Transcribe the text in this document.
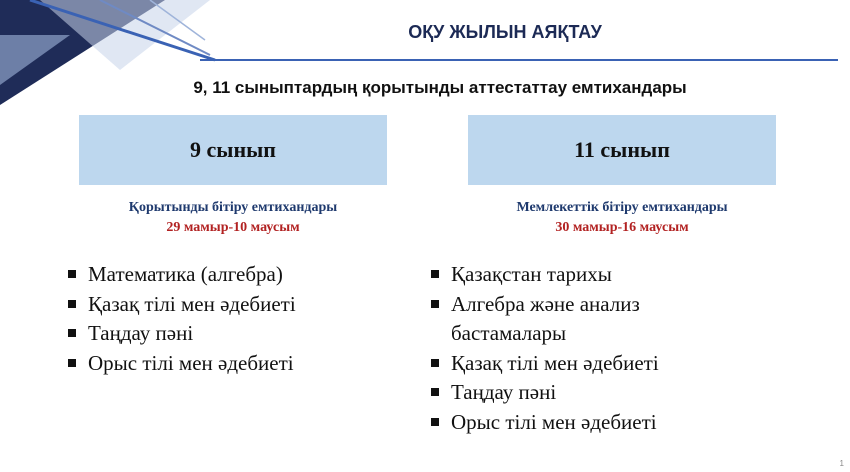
ОҚУ ЖЫЛЫН АЯҚТАУ
9, 11 сыныптардың қорытынды аттестаттау емтихандары
9 сынып
Қорытынды бітіру емтихандары
29 мамыр-10 маусым
Математика (алгебра)
Қазақ тілі мен әдебиеті
Таңдау пәні
Орыс тілі мен әдебиеті
11 сынып
Мемлекеттік бітіру емтихандары
30 мамыр-16 маусым
Қазақстан тарихы
Алгебра және анализ бастамалары
Қазақ тілі мен әдебиеті
Таңдау пәні
Орыс тілі мен әдебиеті
1
